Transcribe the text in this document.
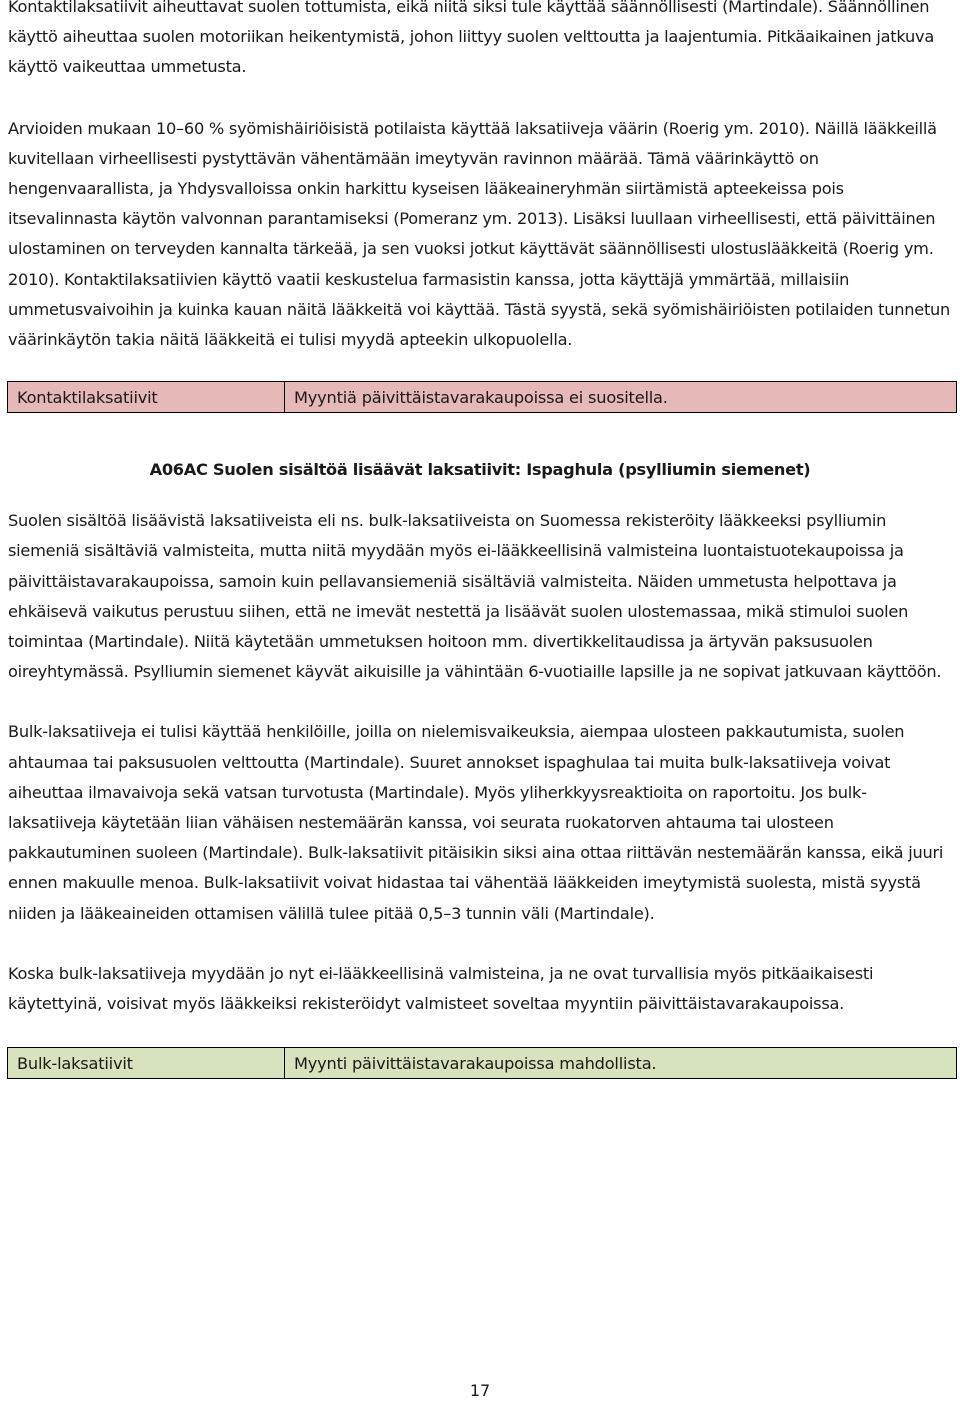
Kontaktilaksatiivit aiheuttavat suolen tottumista, eikä niitä siksi tule käyttää säännöllisesti (Martindale). Säännöllinen käyttö aiheuttaa suolen motoriikan heikentymistä, johon liittyy suolen velttoutta ja laajentumia. Pitkäaikainen jatkuva käyttö vaikeuttaa ummetusta.

Arvioiden mukaan 10–60 % syömishäiriöisistä potilaista käyttää laksatiiveja väärin (Roerig ym. 2010). Näillä lääkkeillä kuvitellaan virheellisesti pystyttävän vähentämään imeytyvän ravinnon määrää. Tämä väärinkäyttö on hengenvaarallista, ja Yhdysvalloissa onkin harkittu kyseisen lääkeaineryhmän siirtämistä apteekeissa pois itsevalinnasta käytön valvonnan parantamiseksi (Pomeranz ym. 2013). Lisäksi luullaan virheellisesti, että päivittäinen ulostaminen on terveyden kannalta tärkeää, ja sen vuoksi jotkut käyttävät säännöllisesti ulostuslääkkeitä (Roerig ym. 2010). Kontaktilaksatiivien käyttö vaatii keskustelua farmasistin kanssa, jotta käyttäjä ymmärtää, millaisiin ummetusvaivoihin ja kuinka kauan näitä lääkkeitä voi käyttää. Tästä syystä, sekä syömishäiriöisten potilaiden tunnetun väärinkäytön takia näitä lääkkeitä ei tulisi myydä apteekin ulkopuolella.

Kontaktilaksatiivit	Myyntiä päivittäistavarakaupoissa ei suositella.

A06AC Suolen sisältöä lisäävät laksatiivit: Ispaghula (psylliumin siemenet)

Suolen sisältöä lisäävistä laksatiiveista eli ns. bulk-laksatiiveista on Suomessa rekisteröity lääkkeeksi psylliumin siemeniä sisältäviä valmisteita, mutta niitä myydään myös ei-lääkkeellisinä valmisteina luontaistuotekaupoissa ja päivittäistavarakaupoissa, samoin kuin pellavansiemeniä sisältäviä valmisteita. Näiden ummetusta helpottava ja ehkäisevä vaikutus perustuu siihen, että ne imevät nestettä ja lisäävät suolen ulostemassaa, mikä stimuloi suolen toimintaa (Martindale). Niitä käytetään ummetuksen hoitoon mm. divertikkelitaudissa ja ärtyvän paksusuolen oireyhtymässä. Psylliumin siemenet käyvät aikuisille ja vähintään 6-vuotiaille lapsille ja ne sopivat jatkuvaan käyttöön.

Bulk-laksatiiveja ei tulisi käyttää henkilöille, joilla on nielemisvaikeuksia, aiempaa ulosteen pakkautumista, suolen ahtaumaa tai paksusuolen velttoutta (Martindale). Suuret annokset ispaghulaa tai muita bulk-laksatiiveja voivat aiheuttaa ilmavaivoja sekä vatsan turvotusta (Martindale). Myös yliherkkyysreaktioita on raportoitu. Jos bulk-laksatiiveja käytetään liian vähäisen nestemäärän kanssa, voi seurata ruokatorven ahtauma tai ulosteen pakkautuminen suoleen (Martindale). Bulk-laksatiivit pitäisikin siksi aina ottaa riittävän nestemäärän kanssa, eikä juuri ennen makuulle menoa. Bulk-laksatiivit voivat hidastaa tai vähentää lääkkeiden imeytymistä suolesta, mistä syystä niiden ja lääkeaineiden ottamisen välillä tulee pitää 0,5–3 tunnin väli (Martindale).

Koska bulk-laksatiiveja myydään jo nyt ei-lääkkeellisinä valmisteina, ja ne ovat turvallisia myös pitkäaikaisesti käytettyinä, voisivat myös lääkkeiksi rekisteröidyt valmisteet soveltaa myyntiin päivittäistavarakaupoissa.

Bulk-laksatiivit	Myynti päivittäistavarakaupoissa mahdollista.
17
